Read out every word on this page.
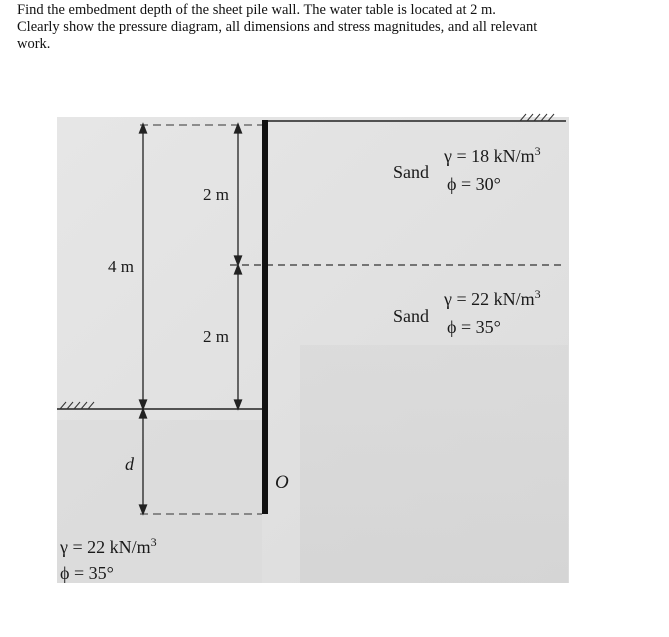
Find the embedment depth of the sheet pile wall. The water table is located at 2 m.
Clearly show the pressure diagram, all dimensions and stress magnitudes, and all relevant
work.
4 m
2 m
2 m
d
O
Sand
γ = 18 $kN/m^3$
ϕ = 30°
Sand
γ = 22 $kN/m^3$
ϕ = 35°
γ = 22 $kN/m^3$
ϕ = 35°
